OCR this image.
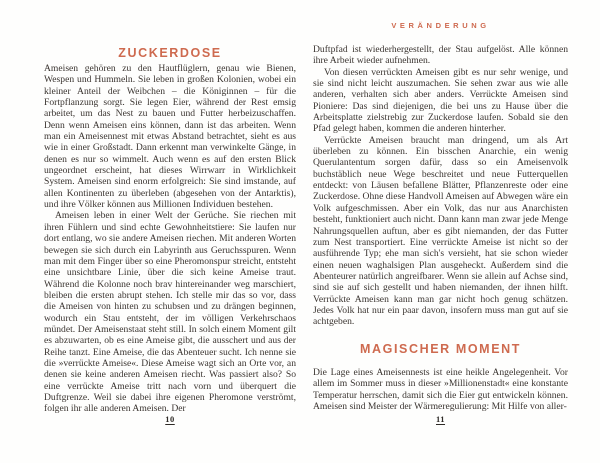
ZUCKERDOSE

Ameisen gehören zu den Hautflüglern, genau wie Bienen, Wespen und Hummeln. Sie leben in großen Kolonien, wobei ein kleiner Anteil der Weibchen – die Königinnen – für die Fortpflanzung sorgt. Sie legen Eier, während der Rest emsig arbeitet, um das Nest zu bauen und Futter herbeizuschaffen. Denn wenn Ameisen eins können, dann ist das arbeiten. Wenn man ein Ameisennest mit etwas Abstand betrachtet, sieht es aus wie in einer Großstadt. Dann erkennt man verwinkelte Gänge, in denen es nur so wimmelt. Auch wenn es auf den ersten Blick ungeordnet erscheint, hat dieses Wirrwarr in Wirklichkeit System. Ameisen sind enorm erfolgreich: Sie sind imstande, auf allen Kontinenten zu überleben (abgesehen von der Antarktis), und ihre Völker können aus Millionen Individuen bestehen.

Ameisen leben in einer Welt der Gerüche. Sie riechen mit ihren Fühlern und sind echte Gewohnheitstiere: Sie laufen nur dort entlang, wo sie andere Ameisen riechen. Mit anderen Worten bewegen sie sich durch ein Labyrinth aus Geruchsspuren. Wenn man mit dem Finger über so eine Pheromonspur streicht, entsteht eine unsichtbare Linie, über die sich keine Ameise traut. Während die Kolonne noch brav hintereinander weg marschiert, bleiben die ersten abrupt stehen. Ich stelle mir das so vor, dass die Ameisen von hinten zu schubsen und zu drängen beginnen, wodurch ein Stau entsteht, der im völligen Verkehrschaos mündet. Der Ameisenstaat steht still. In solch einem Moment gilt es abzuwarten, ob es eine Ameise gibt, die ausschert und aus der Reihe tanzt. Eine Ameise, die das Abenteuer sucht. Ich nenne sie die »verrückte Ameise«. Diese Ameise wagt sich an Orte vor, an denen sie keine anderen Ameisen riecht. Was passiert also? So eine verrückte Ameise tritt nach vorn und überquert die Duftgrenze. Weil sie dabei ihre eigenen Pheromone verströmt, folgen ihr alle anderen Ameisen. Der

10
VERÄNDERUNG

Duftpfad ist wiederhergestellt, der Stau aufgelöst. Alle können ihre Arbeit wieder aufnehmen.

Von diesen verrückten Ameisen gibt es nur sehr wenige, und sie sind nicht leicht auszumachen. Sie sehen zwar aus wie alle anderen, verhalten sich aber anders. Verrückte Ameisen sind Pioniere: Das sind diejenigen, die bei uns zu Hause über die Arbeitsplatte zielstrebig zur Zuckerdose laufen. Sobald sie den Pfad gelegt haben, kommen die anderen hinterher.

Verrückte Ameisen braucht man dringend, um als Art überleben zu können. Ein bisschen Anarchie, ein wenig Querulantentum sorgen dafür, dass so ein Ameisenvolk buchstäblich neue Wege beschreitet und neue Futterquellen entdeckt: von Läusen befallene Blätter, Pflanzenreste oder eine Zuckerdose. Ohne diese Handvoll Ameisen auf Abwegen wäre ein Volk aufgeschmissen. Aber ein Volk, das nur aus Anarchisten besteht, funktioniert auch nicht. Dann kann man zwar jede Menge Nahrungsquellen auftun, aber es gibt niemanden, der das Futter zum Nest transportiert. Eine verrückte Ameise ist nicht so der ausführende Typ; ehe man sich's versieht, hat sie schon wieder einen neuen waghalsigen Plan ausgeheckt. Außerdem sind die Abenteurer natürlich angreifbarer. Wenn sie allein auf Achse sind, sind sie auf sich gestellt und haben niemanden, der ihnen hilft. Verrückte Ameisen kann man gar nicht hoch genug schätzen. Jedes Volk hat nur ein paar davon, insofern muss man gut auf sie achtgeben.

MAGISCHER MOMENT

Die Lage eines Ameisennests ist eine heikle Angelegenheit. Vor allem im Sommer muss in dieser »Millionenstadt« eine konstante Temperatur herrschen, damit sich die Eier gut entwickeln können. Ameisen sind Meister der Wärmeregulierung: Mit Hilfe von aller-

11
